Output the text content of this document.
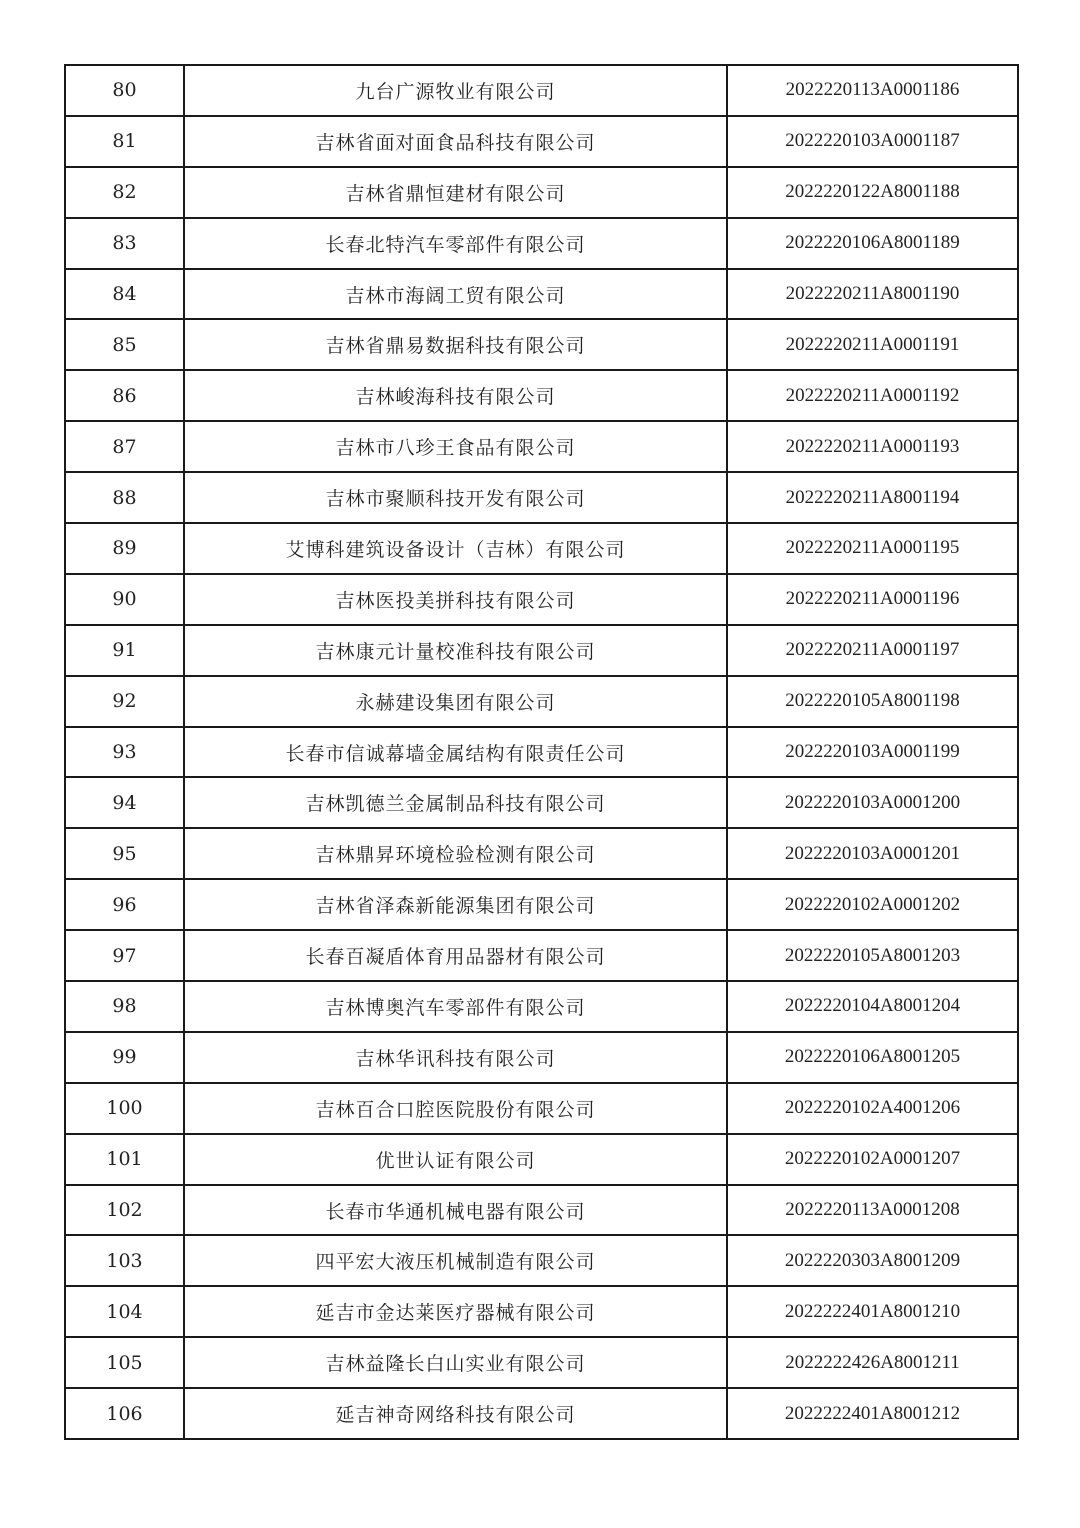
80	九台广源牧业有限公司	2022220113A0001186
81	吉林省面对面食品科技有限公司	2022220103A0001187
82	吉林省鼎恒建材有限公司	2022220122A8001188
83	长春北特汽车零部件有限公司	2022220106A8001189
84	吉林市海阔工贸有限公司	2022220211A8001190
85	吉林省鼎易数据科技有限公司	2022220211A0001191
86	吉林峻海科技有限公司	2022220211A0001192
87	吉林市八珍王食品有限公司	2022220211A0001193
88	吉林市聚顺科技开发有限公司	2022220211A8001194
89	艾博科建筑设备设计（吉林）有限公司	2022220211A0001195
90	吉林医投美拼科技有限公司	2022220211A0001196
91	吉林康元计量校准科技有限公司	2022220211A0001197
92	永赫建设集团有限公司	2022220105A8001198
93	长春市信诚幕墙金属结构有限责任公司	2022220103A0001199
94	吉林凯德兰金属制品科技有限公司	2022220103A0001200
95	吉林鼎昇环境检验检测有限公司	2022220103A0001201
96	吉林省泽森新能源集团有限公司	2022220102A0001202
97	长春百凝盾体育用品器材有限公司	2022220105A8001203
98	吉林博奥汽车零部件有限公司	2022220104A8001204
99	吉林华讯科技有限公司	2022220106A8001205
100	吉林百合口腔医院股份有限公司	2022220102A4001206
101	优世认证有限公司	2022220102A0001207
102	长春市华通机械电器有限公司	2022220113A0001208
103	四平宏大液压机械制造有限公司	2022220303A8001209
104	延吉市金达莱医疗器械有限公司	2022222401A8001210
105	吉林益隆长白山实业有限公司	2022222426A8001211
106	延吉神奇网络科技有限公司	2022222401A8001212
